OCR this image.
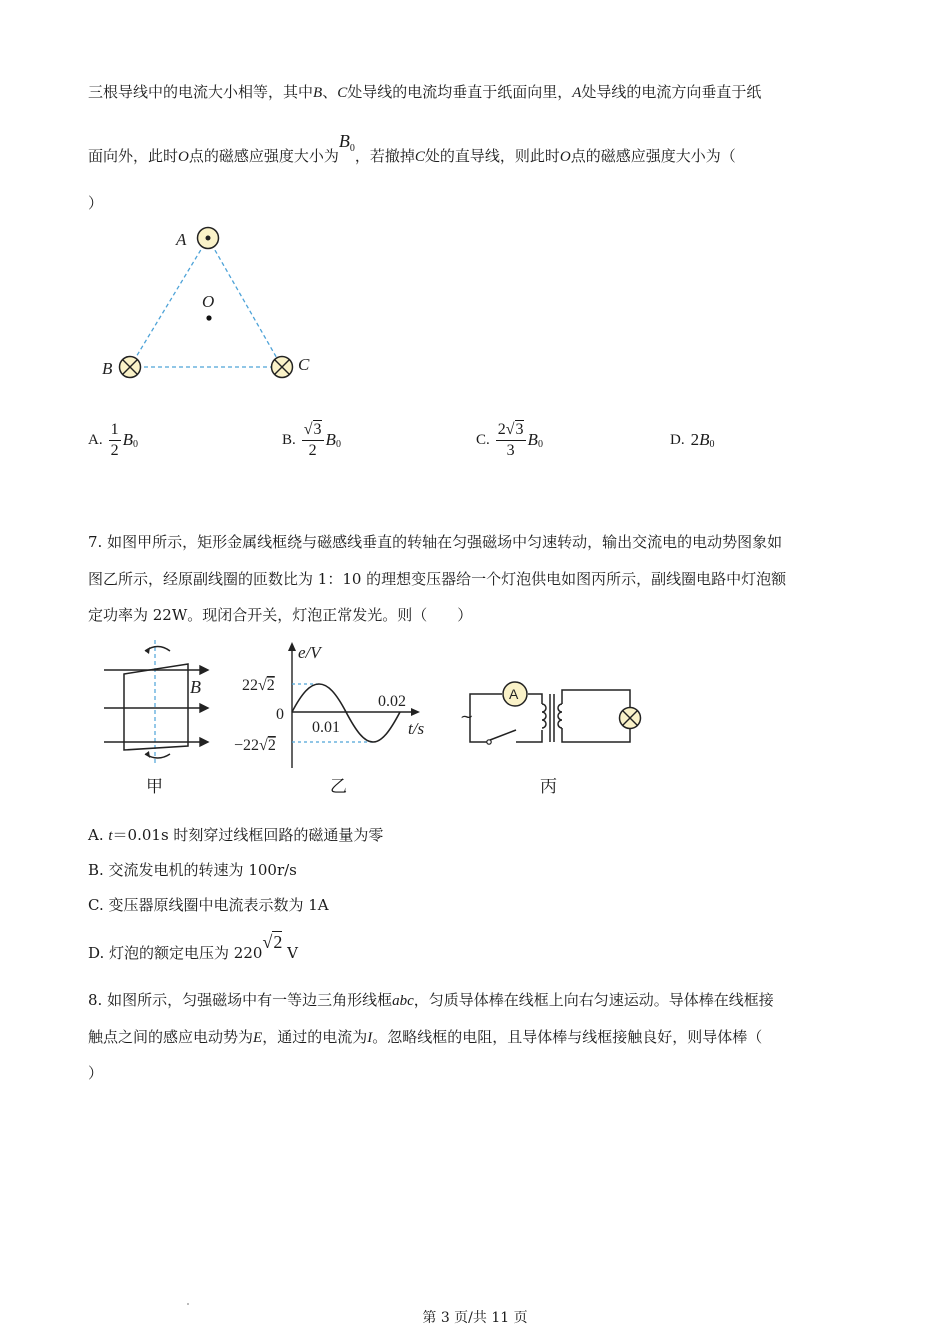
三根导线中的电流大小相等，其中B、C处导线的电流均垂直于纸面向里，A处导线的电流方向垂直于纸
面向外，此时O点的磁感应强度大小为$B_0$，若撤掉C处的直导线，则此时O点的磁感应强度大小为（
）
A
O
B	C
A. $\frac{1}{2}$ B 0	B. $\frac{√3}{2}$ B 0	C. $\frac{2√3}{3}$ B 0	D. 2 B 0
7. 如图甲所示，矩形金属线框绕与磁感线垂直的转轴在匀强磁场中匀速转动，输出交流电的电动势图象如
图乙所示，经原副线圈的匝数比为 1：10 的理想变压器给一个灯泡供电如图丙所示，副线圈电路中灯泡额
定功率为 22W。现闭合开关，灯泡正常发光。则（　　）
B
甲
e/V
22√2
0
−22√2
0.01
0.02
t/s
乙
A
~
丙
A. t＝0.01s 时刻穿过线框回路的磁通量为零
B. 交流发电机的转速为 100r/s
C. 变压器原线圈中电流表示数为 1A
D. 灯泡的额定电压为 220√2 V
8. 如图所示，匀强磁场中有一等边三角形线框abc，匀质导体棒在线框上向右匀速运动。导体棒在线框接
触点之间的感应电动势为E，通过的电流为I。忽略线框的电阻，且导体棒与线框接触良好，则导体棒（
）
第 3 页/共 11 页
